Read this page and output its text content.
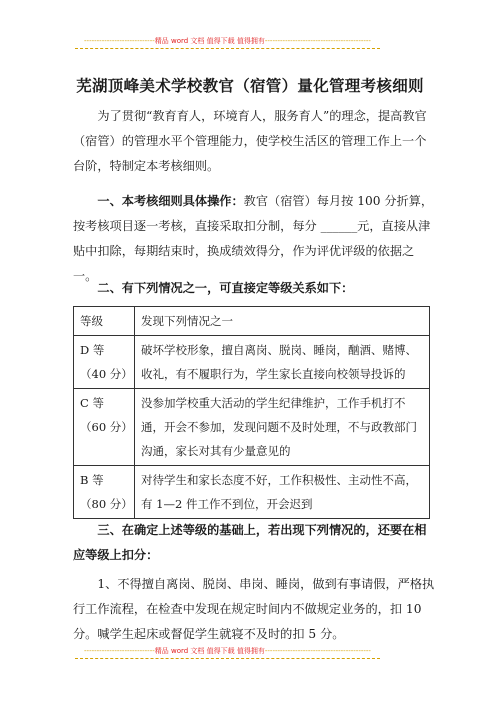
----------------------------精品 word 文档 值得下载 值得拥有------------------------------------------
芜湖顶峰美术学校教官（宿管）量化管理考核细则

为了贯彻“教育育人，环境育人，服务育人”的理念，提高教官（宿管）的管理水平个管理能力，使学校生活区的管理工作上一个台阶，特制定本考核细则。

一、本考核细则具体操作：教官（宿管）每月按 100 分折算，按考核项目逐一考核，直接采取扣分制，每分 ______元，直接从津贴中扣除，每期结束时，换成绩效得分，作为评优评级的依据之一。

二、有下列情况之一，可直接定等级关系如下：

等级	发现下列情况之一
D 等（40 分）	破坏学校形象，擅自离岗、脱岗、睡岗，酗酒、赌博、收礼，有不履职行为，学生家长直接向校领导投诉的
C 等（60 分）	没参加学校重大活动的学生纪律维护，工作手机打不通，开会不参加，发现问题不及时处理，不与政教部门沟通，家长对其有少量意见的
B 等（80 分）	对待学生和家长态度不好，工作积极性、主动性不高，有 1—2 件工作不到位，开会迟到

三、在确定上述等级的基础上，若出现下列情况的，还要在相应等级上扣分：

1、不得擅自离岗、脱岗、串岗、睡岗，做到有事请假，严格执行工作流程，在检查中发现在规定时间内不做规定业务的，扣 10 分。喊学生起床或督促学生就寝不及时的扣 5 分。

----------------------------精品 word 文档 值得下载 值得拥有------------------------------------------
